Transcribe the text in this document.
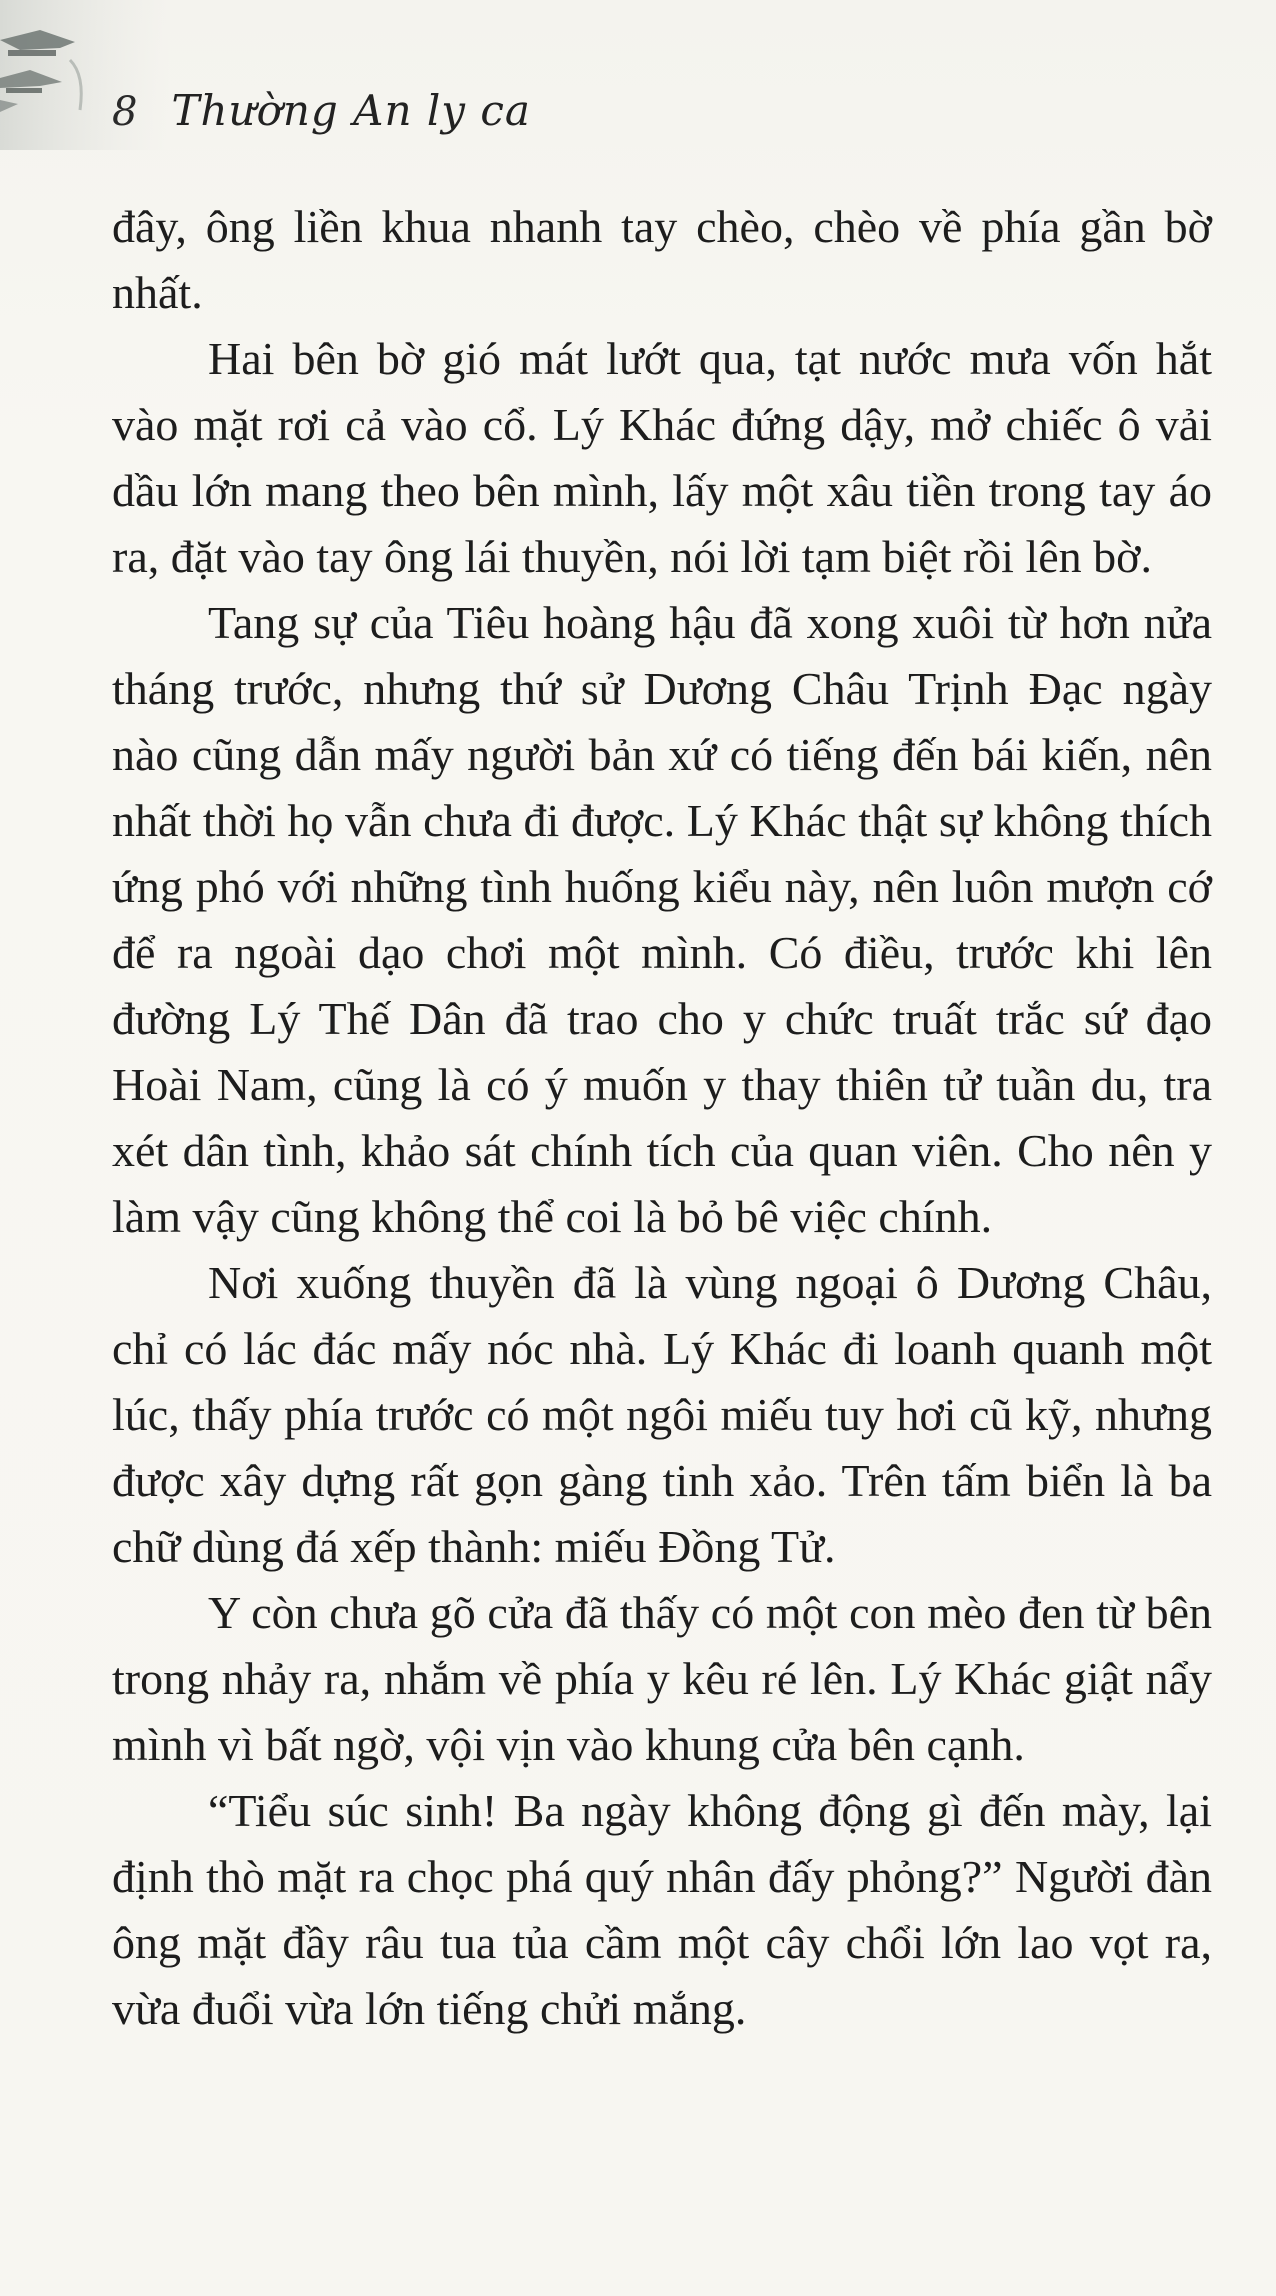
8 Thường An ly ca

đây, ông liền khua nhanh tay chèo, chèo về phía gần bờ nhất.

Hai bên bờ gió mát lướt qua, tạt nước mưa vốn hắt vào mặt rơi cả vào cổ. Lý Khác đứng dậy, mở chiếc ô vải dầu lớn mang theo bên mình, lấy một xâu tiền trong tay áo ra, đặt vào tay ông lái thuyền, nói lời tạm biệt rồi lên bờ.

Tang sự của Tiêu hoàng hậu đã xong xuôi từ hơn nửa tháng trước, nhưng thứ sử Dương Châu Trịnh Đạc ngày nào cũng dẫn mấy người bản xứ có tiếng đến bái kiến, nên nhất thời họ vẫn chưa đi được. Lý Khác thật sự không thích ứng phó với những tình huống kiểu này, nên luôn mượn cớ để ra ngoài dạo chơi một mình. Có điều, trước khi lên đường Lý Thế Dân đã trao cho y chức truất trắc sứ đạo Hoài Nam, cũng là có ý muốn y thay thiên tử tuần du, tra xét dân tình, khảo sát chính tích của quan viên. Cho nên y làm vậy cũng không thể coi là bỏ bê việc chính.

Nơi xuống thuyền đã là vùng ngoại ô Dương Châu, chỉ có lác đác mấy nóc nhà. Lý Khác đi loanh quanh một lúc, thấy phía trước có một ngôi miếu tuy hơi cũ kỹ, nhưng được xây dựng rất gọn gàng tinh xảo. Trên tấm biển là ba chữ dùng đá xếp thành: miếu Đồng Tử.

Y còn chưa gõ cửa đã thấy có một con mèo đen từ bên trong nhảy ra, nhắm về phía y kêu ré lên. Lý Khác giật nẩy mình vì bất ngờ, vội vịn vào khung cửa bên cạnh.

“Tiểu súc sinh! Ba ngày không động gì đến mày, lại định thò mặt ra chọc phá quý nhân đấy phỏng?” Người đàn ông mặt đầy râu tua tủa cầm một cây chổi lớn lao vọt ra, vừa đuổi vừa lớn tiếng chửi mắng.
